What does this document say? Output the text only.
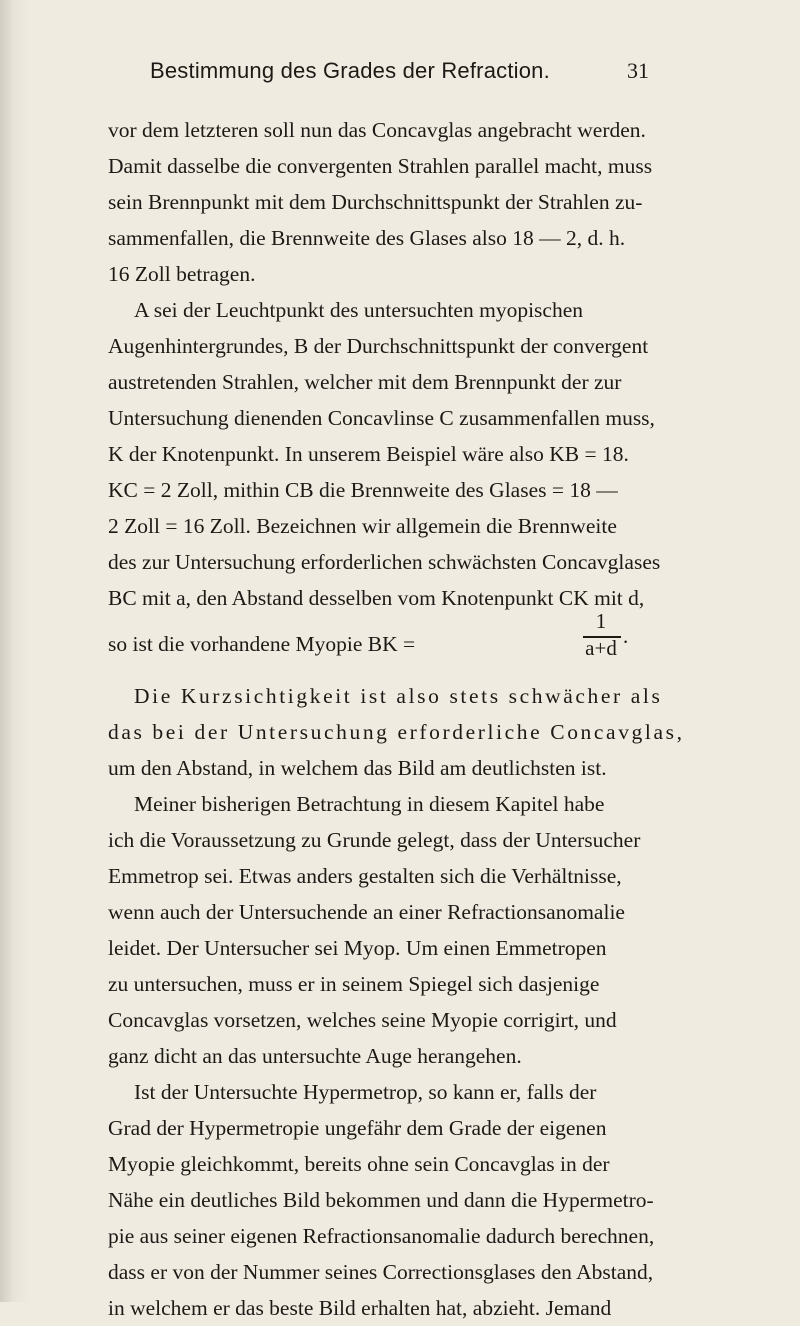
Bestimmung des Grades der Refraction.	31
vor dem letzteren soll nun das Concavglas angebracht werden.
Damit dasselbe die convergenten Strahlen parallel macht, muss
sein Brennpunkt mit dem Durchschnittspunkt der Strahlen zu-
sammenfallen, die Brennweite des Glases also 18 — 2, d. h.
16 Zoll betragen.
A sei der Leuchtpunkt des untersuchten myopischen
Augenhintergrundes, B der Durchschnittspunkt der convergent
austretenden Strahlen, welcher mit dem Brennpunkt der zur
Untersuchung dienenden Concavlinse C zusammenfallen muss,
K der Knotenpunkt. In unserem Beispiel wäre also KB = 18.
KC = 2 Zoll, mithin CB die Brennweite des Glases = 18 —
2 Zoll = 16 Zoll. Bezeichnen wir allgemein die Brennweite
des zur Untersuchung erforderlichen schwächsten Concavglases
BC mit a, den Abstand desselben vom Knotenpunkt CK mit d,
so ist die vorhandene Myopie BK =
1
a+d .
Die Kurzsichtigkeit ist also stets schwächer als
das bei der Untersuchung erforderliche Concavglas,
um den Abstand, in welchem das Bild am deutlichsten ist.
Meiner bisherigen Betrachtung in diesem Kapitel habe
ich die Voraussetzung zu Grunde gelegt, dass der Untersucher
Emmetrop sei. Etwas anders gestalten sich die Verhältnisse,
wenn auch der Untersuchende an einer Refractionsanomalie
leidet. Der Untersucher sei Myop. Um einen Emmetropen
zu untersuchen, muss er in seinem Spiegel sich dasjenige
Concavglas vorsetzen, welches seine Myopie corrigirt, und
ganz dicht an das untersuchte Auge herangehen.
Ist der Untersuchte Hypermetrop, so kann er, falls der
Grad der Hypermetropie ungefähr dem Grade der eigenen
Myopie gleichkommt, bereits ohne sein Concavglas in der
Nähe ein deutliches Bild bekommen und dann die Hypermetro-
pie aus seiner eigenen Refractionsanomalie dadurch berechnen,
dass er von der Nummer seines Correctionsglases den Abstand,
in welchem er das beste Bild erhalten hat, abzieht. Jemand
